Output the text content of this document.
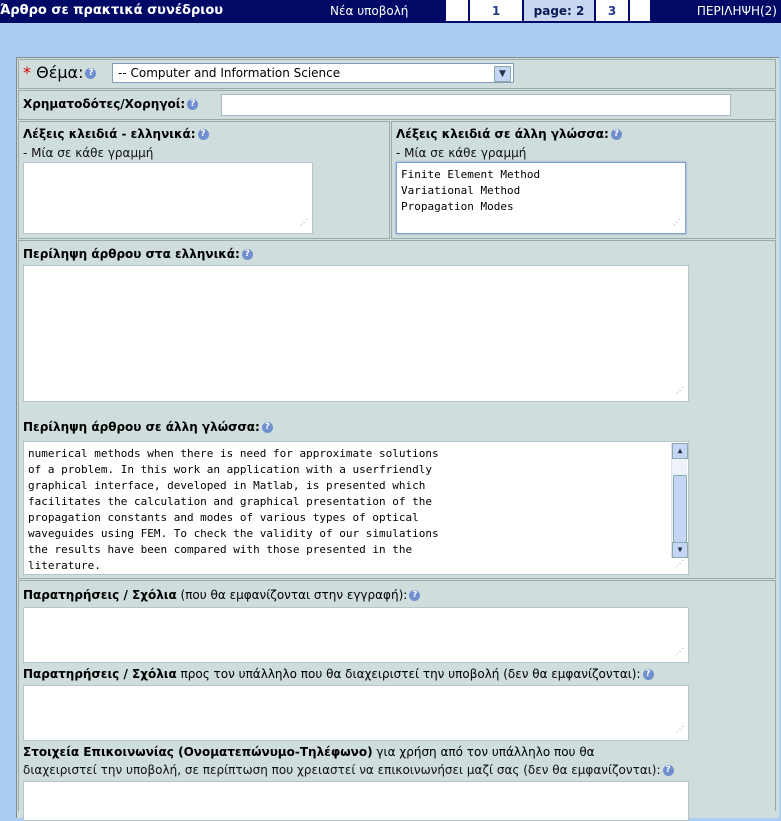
Άρθρο σε πρακτικά συνέδριου	Νέα υποβολή	1	page: 2	3	ΠΕΡΙΛΗΨΗ(2)
* Θέμα: ?	-- Computer and Information Science	▼
Χρηματοδότες/Χορηγοί: ?
Λέξεις κλειδιά - ελληνικά: ?
- Μία σε κάθε γραμμή
⋰
Λέξεις κλειδιά σε άλλη γλώσσα: ?
- Μία σε κάθε γραμμή
Finite Element Method
Variational Method
Propagation Modes
⋰
Περίληψη άρθρου στα ελληνικά: ?
⋰
Περίληψη άρθρου σε άλλη γλώσσα: ?
numerical methods when there is need for approximate solutions
of a problem. In this work an application with a userfriendly
graphical interface, developed in Matlab, is presented which
facilitates the calculation and graphical presentation of the
propagation constants and modes of various types of optical
waveguides using FEM. To check the validity of our simulations
the results have been compared with those presented in the
literature.

▲

▼

⋰

Παρατηρήσεις / Σχόλια (που θα εμφανίζονται στην εγγραφή): ?
⋰
Παρατηρήσεις / Σχόλια προς τον υπάλληλο που θα διαχειριστεί την υποβολή (δεν θα εμφανίζονται): ?
⋰
Στοιχεία Επικοινωνίας (Ονοματεπώνυμο-Τηλέφωνο) για χρήση από τον υπάλληλο που θα
διαχειριστεί την υποβολή, σε περίπτωση που χρειαστεί να επικοινωνήσει μαζί σας (δεν θα εμφανίζονται): ?
